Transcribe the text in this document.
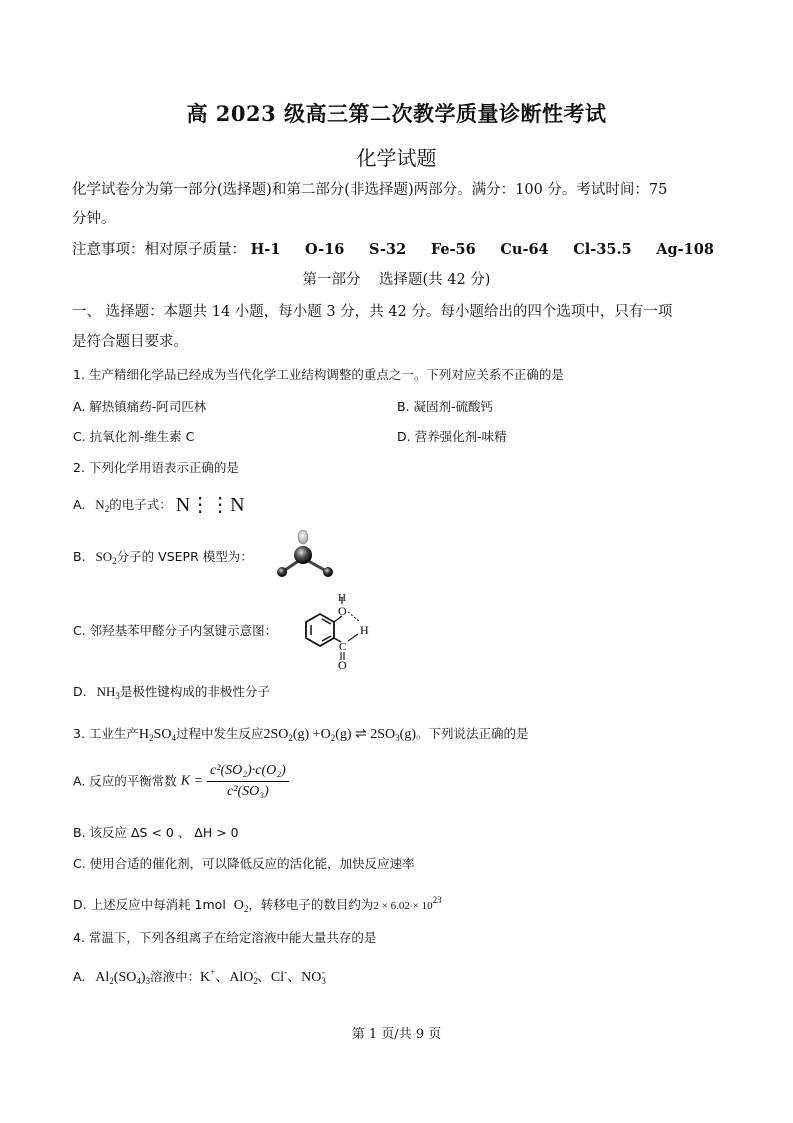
高 2023 级高三第二次教学质量诊断性考试
化学试题
化学试卷分为第一部分(选择题)和第二部分(非选择题)两部分。满分：100 分。考试时间：75
分钟。
注意事项：相对原子质量： H-1 O-16 S-32 Fe-56 Cu-64 Cl-35.5 Ag-108
第一部分    选择题(共 42 分)
一、 选择题：本题共 14 小题，每小题 3 分，共 42 分。每小题给出的四个选项中，只有一项
是符合题目要求。
1. 生产精细化学品已经成为当代化学工业结构调整的重点之一。下列对应关系不正确的是
A. 解热镇痛药-阿司匹林	B. 凝固剂-硫酸钙
C. 抗氧化剂-维生素 C	D. 营养强化剂-味精
2. 下列化学用语表示正确的是
A. $N_2$的电子式： N⋮⋮N
B. $SO_2$分子的 VSEPR 模型为：
C. 邻羟基苯甲醛分子内氢键示意图：
O
H
H
C
O
D. $NH_3$是极性键构成的非极性分子
3. 工业生产$H_2SO_4$过程中发生反应$2SO_2(g) +O_2(g)$ ⇌ $2SO_3(g)$。下列说法正确的是
A. 反应的平衡常数 $K = \frac{\text{c²(SO₂)·c(O₂)}}{\text{c²(SO₃)}}$
B. 该反应 ΔS < 0 、 ΔH > 0
C. 使用合适的催化剂，可以降低反应的活化能，加快反应速率
D. 上述反应中每消耗 1mol $O_2$，转移电子的数目约为$2 \times 6.02 \times 10^{23}$
4. 常温下，下列各组离子在给定溶液中能大量共存的是
A. $Al_2(SO_4)_3$溶液中：K+、AlO$_2$-、Cl-、$NO_3^-$
第 1 页/共 9 页
